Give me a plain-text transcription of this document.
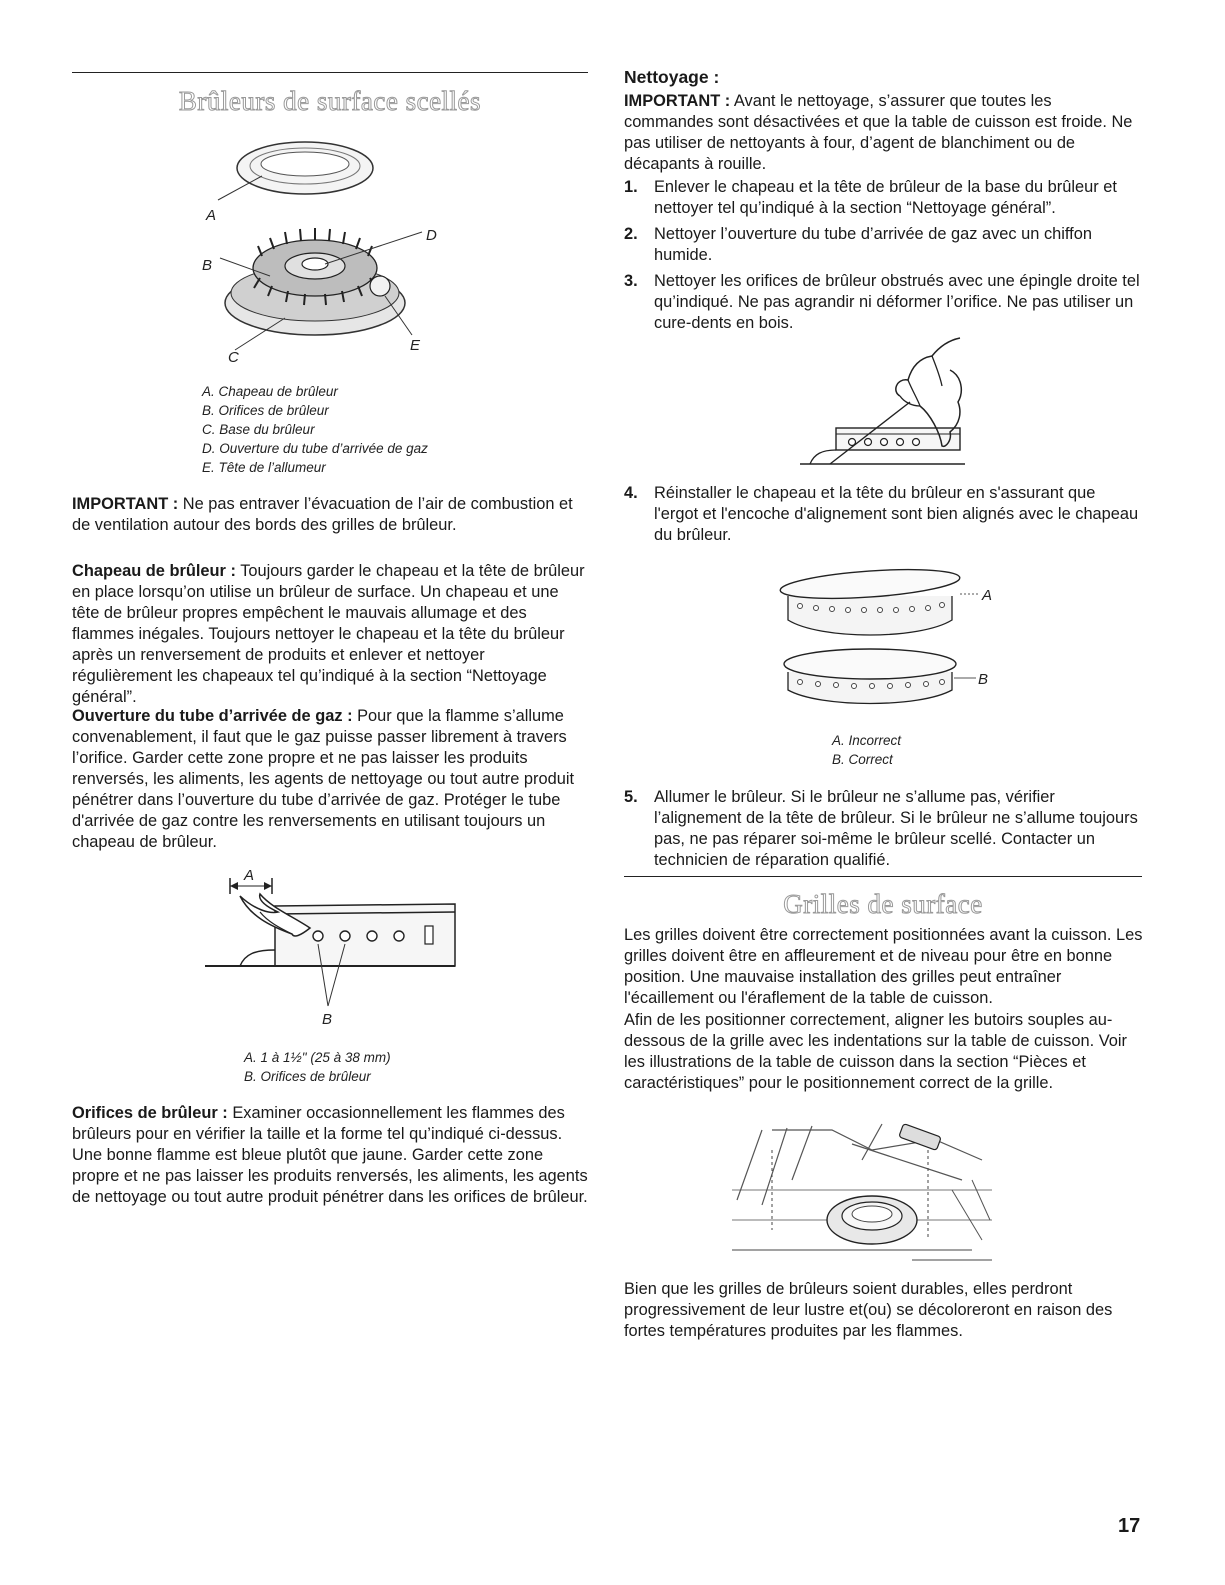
Brûleurs de surface scellés
A
B
C
D
E
A. Chapeau de brûleur
B. Orifices de brûleur
C. Base du brûleur
D. Ouverture du tube d’arrivée de gaz
E. Tête de l’allumeur

IMPORTANT : Ne pas entraver l’évacuation de l’air de combustion et de ventilation autour des bords des grilles de brûleur.

Chapeau de brûleur : Toujours garder le chapeau et la tête de brûleur en place lorsqu’on utilise un brûleur de surface. Un chapeau et une tête de brûleur propres empêchent le mauvais allumage et des flammes inégales. Toujours nettoyer le chapeau et la tête du brûleur après un renversement de produits et enlever et nettoyer régulièrement les chapeaux tel qu’indiqué à la section “Nettoyage général”.

Ouverture du tube d’arrivée de gaz : Pour que la flamme s’allume convenablement, il faut que le gaz puisse passer librement à travers l’orifice. Garder cette zone propre et ne pas laisser les produits renversés, les aliments, les agents de nettoyage ou tout autre produit pénétrer dans l’ouverture du tube d’arrivée de gaz. Protéger le tube d'arrivée de gaz contre les renversements en utilisant toujours un chapeau de brûleur.

A
B
A. 1 à 1½" (25 à 38 mm)
B. Orifices de brûleur

Orifices de brûleur : Examiner occasionnellement les flammes des brûleurs pour en vérifier la taille et la forme tel qu’indiqué ci-dessus. Une bonne flamme est bleue plutôt que jaune. Garder cette zone propre et ne pas laisser les produits renversés, les aliments, les agents de nettoyage ou tout autre produit pénétrer dans les orifices de brûleur.

Nettoyage :

IMPORTANT : Avant le nettoyage, s’assurer que toutes les commandes sont désactivées et que la table de cuisson est froide. Ne pas utiliser de nettoyants à four, d’agent de blanchiment ou de décapants à rouille.

1. Enlever le chapeau et la tête de brûleur de la base du brûleur et nettoyer tel qu’indiqué à la section “Nettoyage général”.
2. Nettoyer l’ouverture du tube d’arrivée de gaz avec un chiffon humide.
3. Nettoyer les orifices de brûleur obstrués avec une épingle droite tel qu’indiqué. Ne pas agrandir ni déformer l’orifice. Ne pas utiliser un cure-dents en bois.
4. Réinstaller le chapeau et la tête du brûleur en s'assurant que l'ergot et l'encoche d'alignement sont bien alignés avec le chapeau du brûleur.
A
B
A. Incorrect
B. Correct
5. Allumer le brûleur. Si le brûleur ne s’allume pas, vérifier l’alignement de la tête de brûleur. Si le brûleur ne s’allume toujours pas, ne pas réparer soi-même le brûleur scellé. Contacter un technicien de réparation qualifié.
Grilles de surface

Les grilles doivent être correctement positionnées avant la cuisson. Les grilles doivent être en affleurement et de niveau pour être en bonne position. Une mauvaise installation des grilles peut entraîner l'écaillement ou l'éraflement de la table de cuisson.

Afin de les positionner correctement, aligner les butoirs souples au-dessous de la grille avec les indentations sur la table de cuisson. Voir les illustrations de la table de cuisson dans la section “Pièces et caractéristiques” pour le positionnement correct de la grille.

Bien que les grilles de brûleurs soient durables, elles perdront progressivement de leur lustre et(ou) se décoloreront en raison des fortes températures produites par les flammes.

17
